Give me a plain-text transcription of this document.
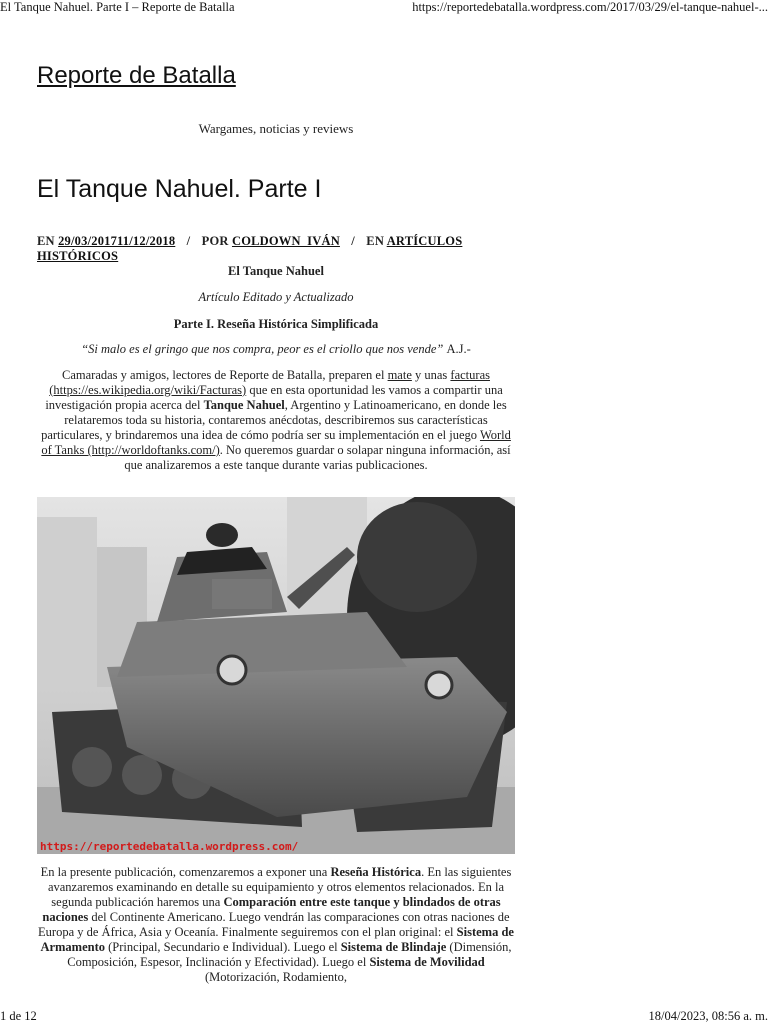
El Tanque Nahuel. Parte I – Reporte de Batalla	https://reportedebatalla.wordpress.com/2017/03/29/el-tanque-nahuel-...
Reporte de Batalla
Wargames, noticias y reviews
El Tanque Nahuel. Parte I
EN 29/03/201711/12/2018 / POR COLDOWN_IVÁN / EN ARTÍCULOS HISTÓRICOS
El Tanque Nahuel
Artículo Editado y Actualizado
Parte I. Reseña Histórica Simplificada
“Si malo es el gringo que nos compra, peor es el criollo que nos vende” A.J.-
Camaradas y amigos, lectores de Reporte de Batalla, preparen el mate y unas facturas (https://es.wikipedia.org/wiki/Facturas) que en esta oportunidad les vamos a compartir una investigación propia acerca del Tanque Nahuel, Argentino y Latinoamericano, en donde les relataremos toda su historia, contaremos anécdotas, describiremos sus características particulares, y brindaremos una idea de cómo podría ser su implementación en el juego World of Tanks (http://worldoftanks.com/). No queremos guardar o solapar ninguna información, así que analizaremos a este tanque durante varias publicaciones.
https://reportedebatalla.wordpress.com/
En la presente publicación, comenzaremos a exponer una Reseña Histórica. En las siguientes avanzaremos examinando en detalle su equipamiento y otros elementos relacionados. En la segunda publicación haremos una Comparación entre este tanque y blindados de otras naciones del Continente Americano. Luego vendrán las comparaciones con otras naciones de Europa y de África, Asia y Oceanía. Finalmente seguiremos con el plan original: el Sistema de Armamento (Principal, Secundario e Individual). Luego el Sistema de Blindaje (Dimensión, Composición, Espesor, Inclinación y Efectividad). Luego el Sistema de Movilidad (Motorización, Rodamiento,
1 de 12	18/04/2023, 08:56 a. m.
